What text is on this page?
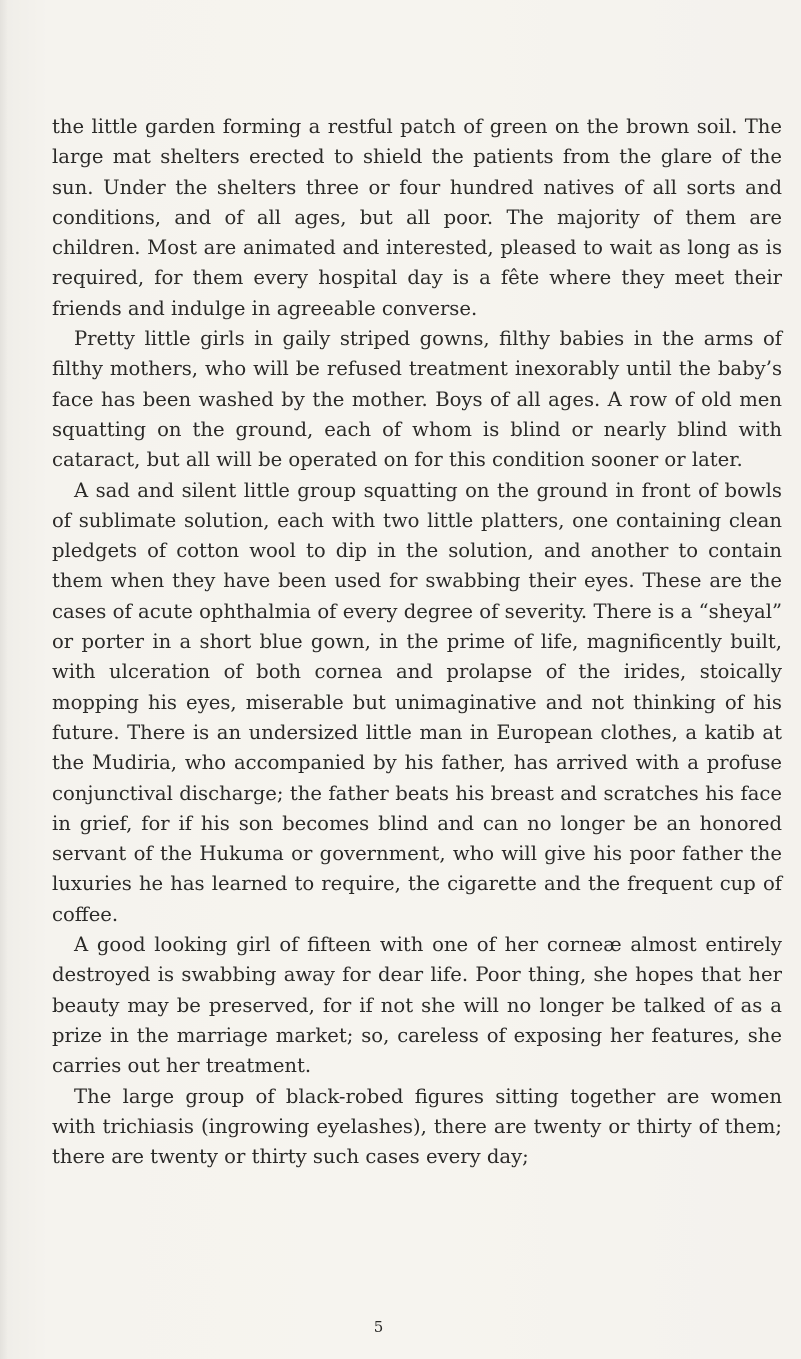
the little garden forming a restful patch of green on the brown soil. The large mat shelters erected to shield the patients from the glare of the sun. Under the shelters three or four hundred natives of all sorts and conditions, and of all ages, but all poor. The majority of them are children. Most are animated and interested, pleased to wait as long as is required, for them every hospital day is a fête where they meet their friends and indulge in agreeable converse.

Pretty little girls in gaily striped gowns, filthy babies in the arms of filthy mothers, who will be refused treatment inexorably until the baby’s face has been washed by the mother. Boys of all ages. A row of old men squatting on the ground, each of whom is blind or nearly blind with cataract, but all will be operated on for this condition sooner or later.

A sad and silent little group squatting on the ground in front of bowls of sublimate solution, each with two little platters, one containing clean pledgets of cotton wool to dip in the solution, and another to contain them when they have been used for swabbing their eyes. These are the cases of acute ophthalmia of every degree of severity. There is a “sheyal” or porter in a short blue gown, in the prime of life, magnificently built, with ulceration of both cornea and prolapse of the irides, stoically mopping his eyes, miserable but unimaginative and not thinking of his future. There is an undersized little man in European clothes, a katib at the Mudiria, who accompanied by his father, has arrived with a profuse conjunctival discharge; the father beats his breast and scratches his face in grief, for if his son becomes blind and can no longer be an honored servant of the Hukuma or government, who will give his poor father the luxuries he has learned to require, the cigarette and the frequent cup of coffee.

A good looking girl of fifteen with one of her corneæ almost entirely destroyed is swabbing away for dear life. Poor thing, she hopes that her beauty may be preserved, for if not she will no longer be talked of as a prize in the marriage market; so, careless of exposing her features, she carries out her treatment.

The large group of black-robed figures sitting together are women with trichiasis (ingrowing eyelashes), there are twenty or thirty of them; there are twenty or thirty such cases every day;

5
